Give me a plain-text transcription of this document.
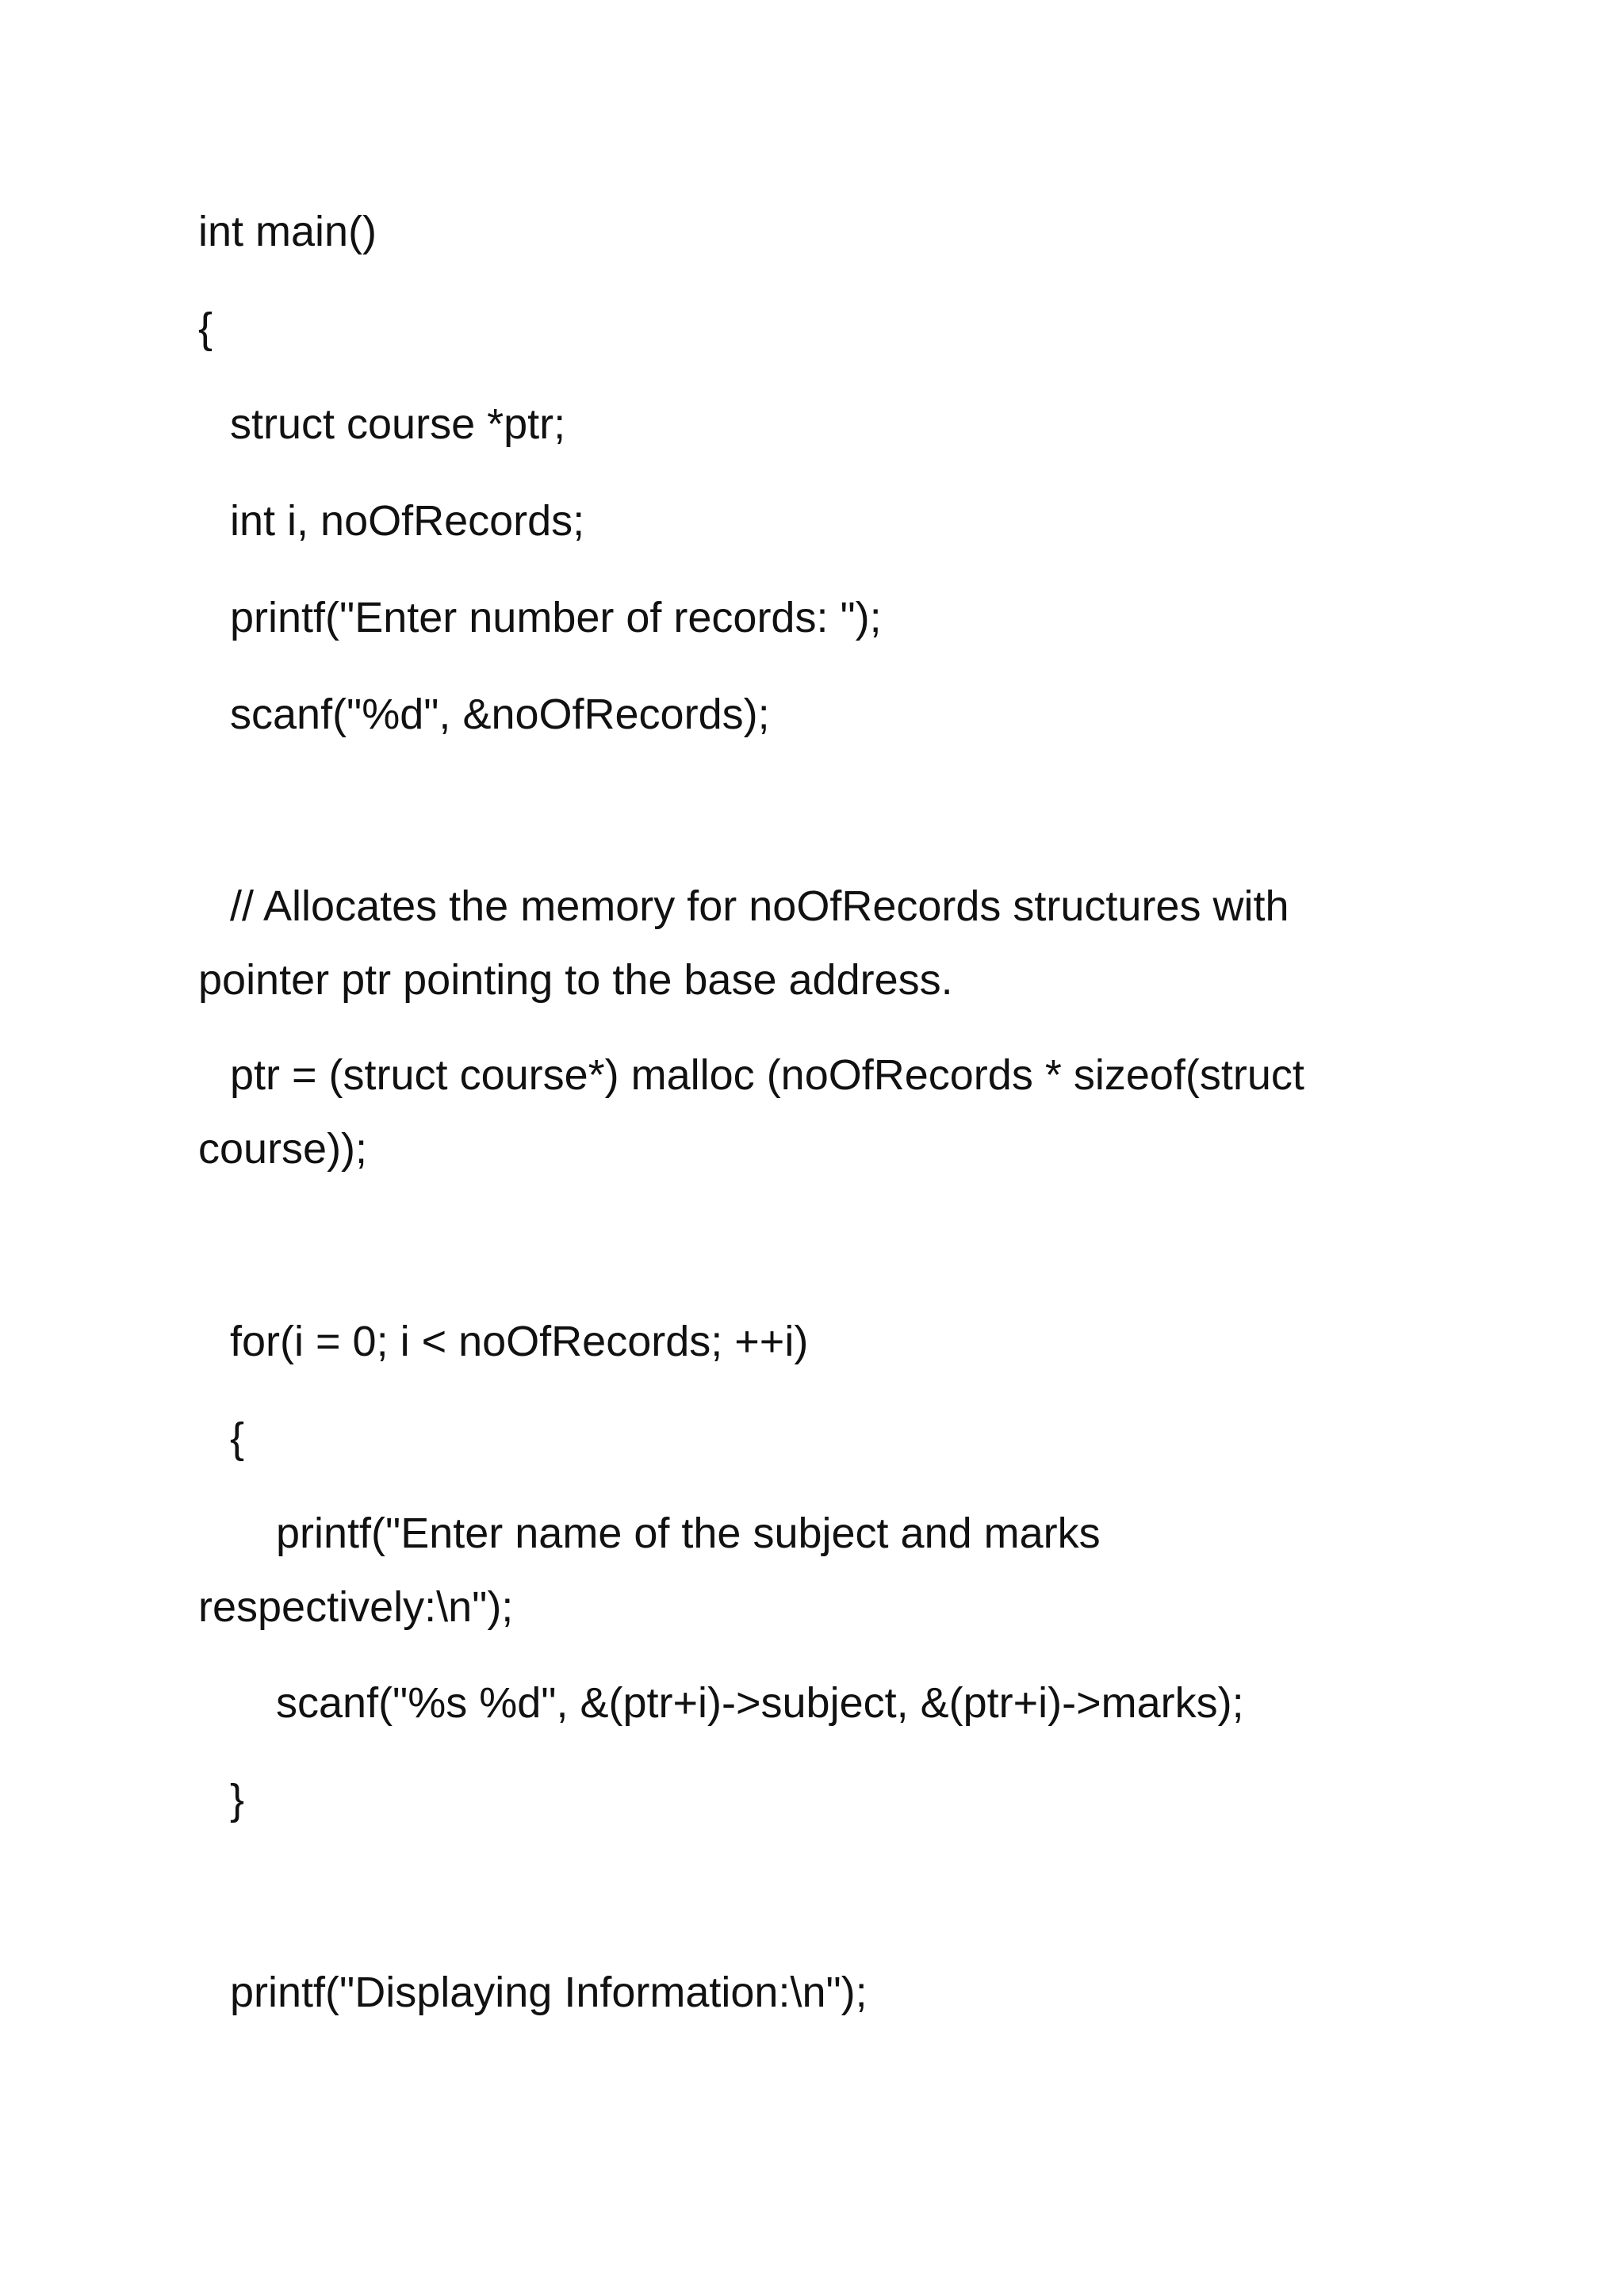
int main()
{
struct course *ptr;
int i, noOfRecords;
printf("Enter number of records: ");
scanf("%d", &noOfRecords);
// Allocates the memory for noOfRecords structures with
pointer ptr pointing to the base address.
ptr = (struct course*) malloc (noOfRecords * sizeof(struct
course));
for(i = 0; i < noOfRecords; ++i)
{
printf("Enter name of the subject and marks
respectively:\n");
scanf("%s %d", &(ptr+i)->subject, &(ptr+i)->marks);
}
printf("Displaying Information:\n");
